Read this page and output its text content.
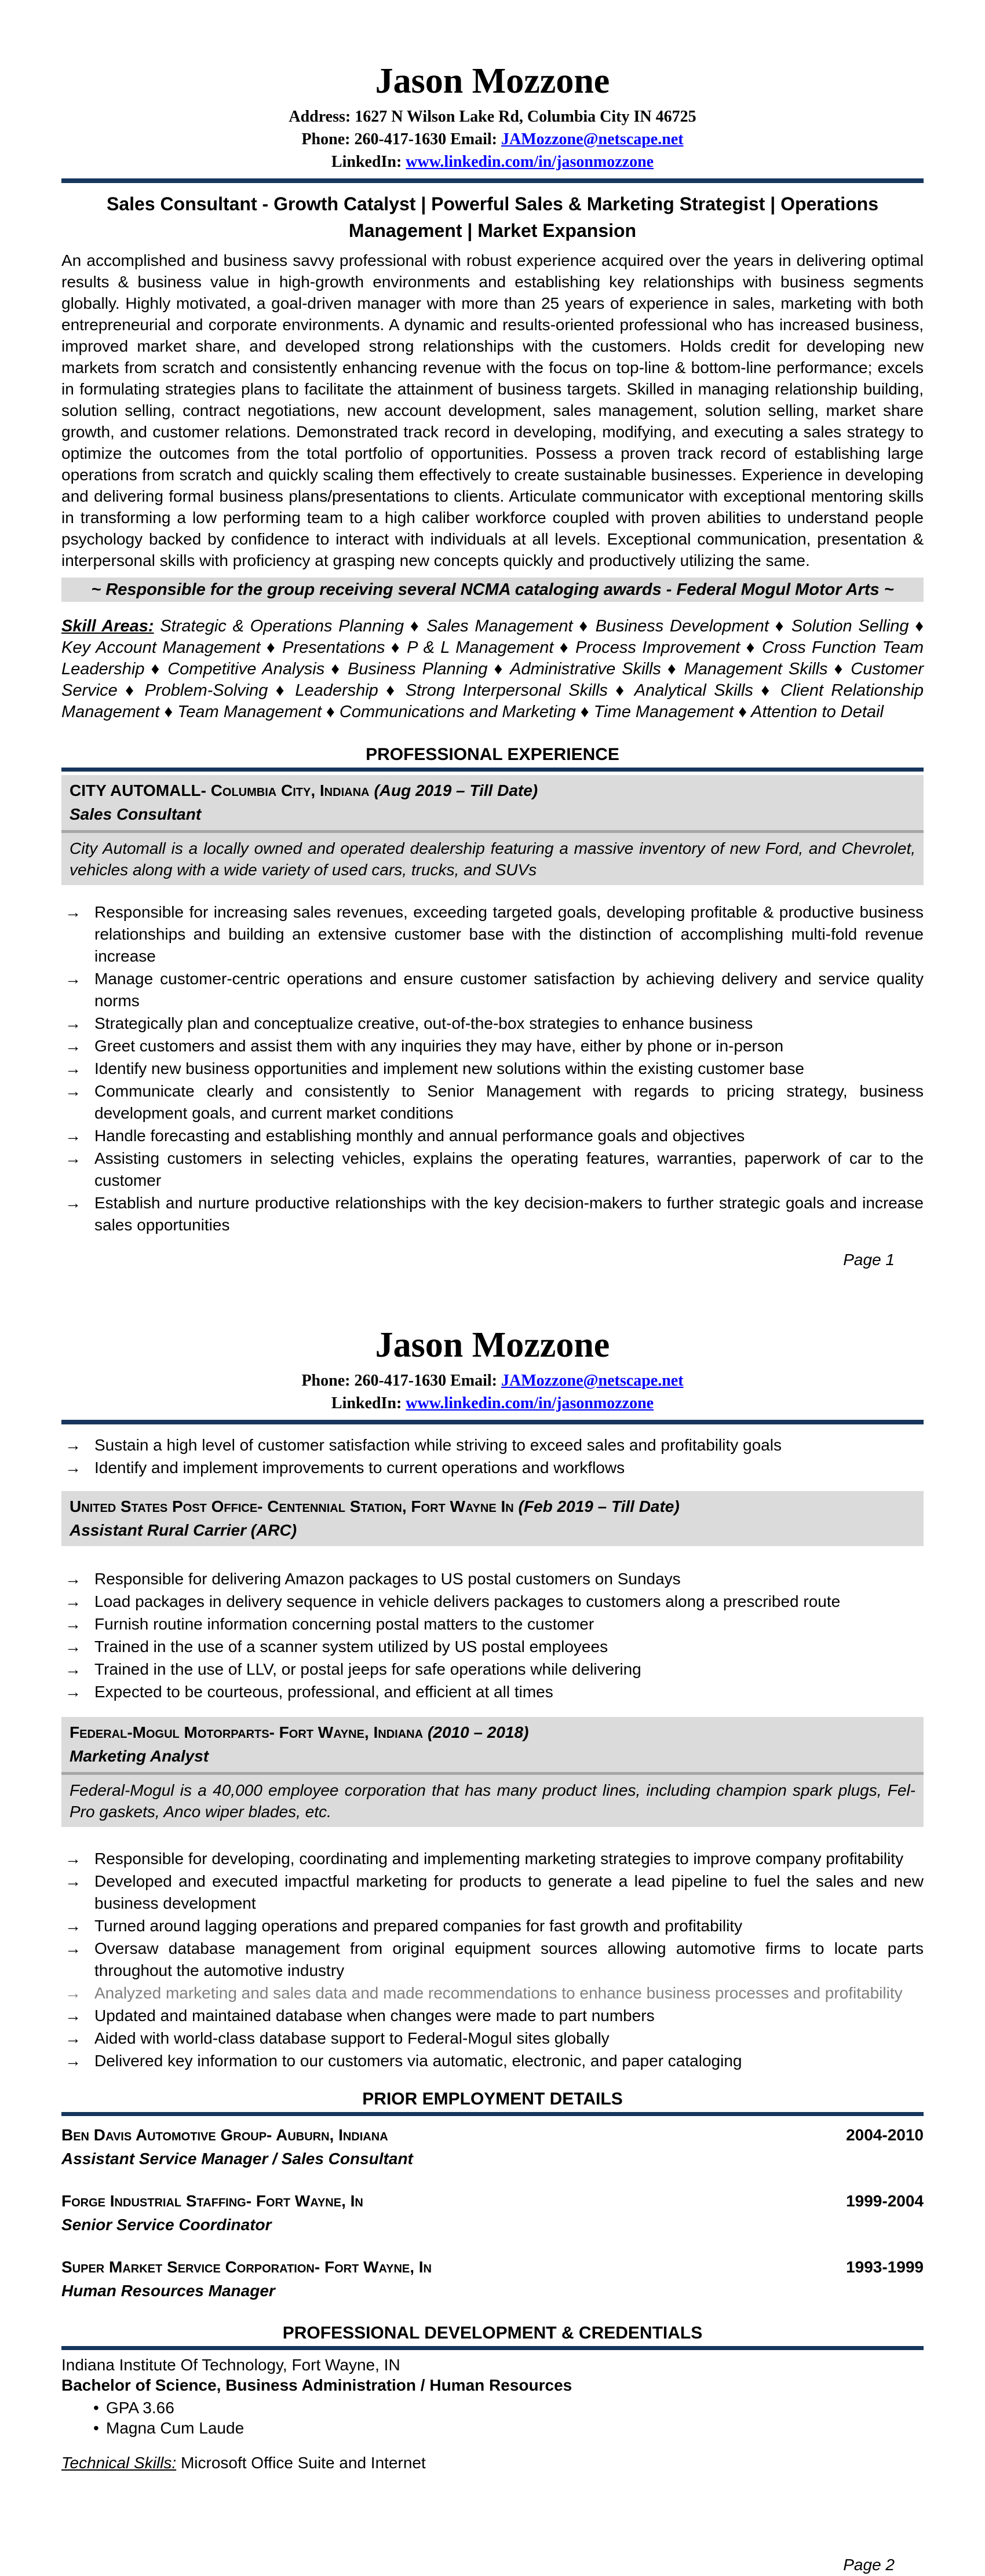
Jason Mozzone
Address: 1627 N Wilson Lake Rd, Columbia City IN 46725
Phone: 260-417-1630 Email: JAMozzone@netscape.net
LinkedIn: www.linkedin.com/in/jasonmozzone
Sales Consultant - Growth Catalyst | Powerful Sales & Marketing Strategist | Operations Management | Market Expansion

An accomplished and business savvy professional with robust experience acquired over the years in delivering optimal results & business value in high-growth environments and establishing key relationships with business segments globally. Highly motivated, a goal-driven manager with more than 25 years of experience in sales, marketing with both entrepreneurial and corporate environments. A dynamic and results-oriented professional who has increased business, improved market share, and developed strong relationships with the customers. Holds credit for developing new markets from scratch and consistently enhancing revenue with the focus on top-line & bottom-line performance; excels in formulating strategies plans to facilitate the attainment of business targets. Skilled in managing relationship building, solution selling, contract negotiations, new account development, sales management, solution selling, market share growth, and customer relations. Demonstrated track record in developing, modifying, and executing a sales strategy to optimize the outcomes from the total portfolio of opportunities. Possess a proven track record of establishing large operations from scratch and quickly scaling them effectively to create sustainable businesses. Experience in developing and delivering formal business plans/presentations to clients. Articulate communicator with exceptional mentoring skills in transforming a low performing team to a high caliber workforce coupled with proven abilities to understand people psychology backed by confidence to interact with individuals at all levels. Exceptional communication, presentation & interpersonal skills with proficiency at grasping new concepts quickly and productively utilizing the same.

~ Responsible for the group receiving several NCMA cataloging awards - Federal Mogul Motor Arts ~

Skill Areas: Strategic & Operations Planning ♦ Sales Management ♦ Business Development ♦ Solution Selling ♦ Key Account Management ♦ Presentations ♦ P & L Management ♦ Process Improvement ♦ Cross Function Team Leadership ♦ Competitive Analysis ♦ Business Planning ♦ Administrative Skills ♦ Management Skills ♦ Customer Service ♦ Problem-Solving ♦ Leadership ♦ Strong Interpersonal Skills ♦ Analytical Skills ♦ Client Relationship Management ♦ Team Management ♦ Communications and Marketing ♦ Time Management ♦ Attention to Detail

PROFESSIONAL EXPERIENCE
CITY AUTOMALL- Columbia City, Indiana (Aug 2019 – Till Date)
Sales Consultant

City Automall is a locally owned and operated dealership featuring a massive inventory of new Ford, and Chevrolet, vehicles along with a wide variety of used cars, trucks, and SUVs

→ Responsible for increasing sales revenues, exceeding targeted goals, developing profitable & productive business relationships and building an extensive customer base with the distinction of accomplishing multi-fold revenue increase
→ Manage customer-centric operations and ensure customer satisfaction by achieving delivery and service quality norms
→ Strategically plan and conceptualize creative, out-of-the-box strategies to enhance business
→ Greet customers and assist them with any inquiries they may have, either by phone or in-person
→ Identify new business opportunities and implement new solutions within the existing customer base
→ Communicate clearly and consistently to Senior Management with regards to pricing strategy, business development goals, and current market conditions
→ Handle forecasting and establishing monthly and annual performance goals and objectives
→ Assisting customers in selecting vehicles, explains the operating features, warranties, paperwork of car to the customer
→ Establish and nurture productive relationships with the key decision-makers to further strategic goals and increase sales opportunities
Page 1
Jason Mozzone
Phone: 260-417-1630 Email: JAMozzone@netscape.net
LinkedIn: www.linkedin.com/in/jasonmozzone
→ Sustain a high level of customer satisfaction while striving to exceed sales and profitability goals
→ Identify and implement improvements to current operations and workflows
United States Post Office- Centennial Station, Fort Wayne In (Feb 2019 – Till Date)
Assistant Rural Carrier (ARC)
→ Responsible for delivering Amazon packages to US postal customers on Sundays
→ Load packages in delivery sequence in vehicle delivers packages to customers along a prescribed route
→ Furnish routine information concerning postal matters to the customer
→ Trained in the use of a scanner system utilized by US postal employees
→ Trained in the use of LLV, or postal jeeps for safe operations while delivering
→ Expected to be courteous, professional, and efficient at all times
Federal-Mogul Motorparts- Fort Wayne, Indiana (2010 – 2018)
Marketing Analyst

Federal-Mogul is a 40,000 employee corporation that has many product lines, including champion spark plugs, Fel-Pro gaskets, Anco wiper blades, etc.

→ Responsible for developing, coordinating and implementing marketing strategies to improve company profitability
→ Developed and executed impactful marketing for products to generate a lead pipeline to fuel the sales and new business development
→ Turned around lagging operations and prepared companies for fast growth and profitability
→ Oversaw database management from original equipment sources allowing automotive firms to locate parts throughout the automotive industry
→ Analyzed marketing and sales data and made recommendations to enhance business processes and profitability
→ Updated and maintained database when changes were made to part numbers
→ Aided with world-class database support to Federal-Mogul sites globally
→ Delivered key information to our customers via automatic, electronic, and paper cataloging
PRIOR EMPLOYMENT DETAILS
Ben Davis Automotive Group- Auburn, Indiana	2004-2010
Assistant Service Manager / Sales Consultant
Forge Industrial Staffing- Fort Wayne, In	1999-2004
Senior Service Coordinator
Super Market Service Corporation- Fort Wayne, In	1993-1999
Human Resources Manager
PROFESSIONAL DEVELOPMENT & CREDENTIALS
Indiana Institute Of Technology, Fort Wayne, IN
Bachelor of Science, Business Administration / Human Resources
• GPA 3.66
• Magna Cum Laude
Technical Skills: Microsoft Office Suite and Internet
Page 2
